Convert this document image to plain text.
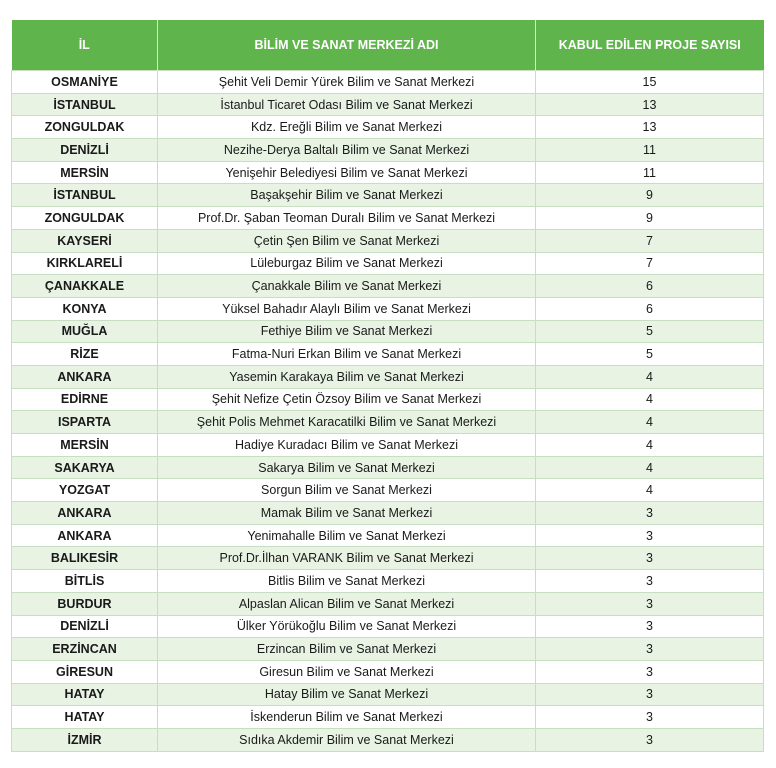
İL	BİLİM VE SANAT MERKEZİ ADI	KABUL EDİLEN PROJE SAYISI
OSMANİYE	Şehit Veli Demir Yürek Bilim ve Sanat Merkezi	15
İSTANBUL	İstanbul Ticaret Odası Bilim ve Sanat Merkezi	13
ZONGULDAK	Kdz. Ereğli Bilim ve Sanat Merkezi	13
DENİZLİ	Nezihe-Derya Baltalı Bilim ve Sanat Merkezi	11
MERSİN	Yenişehir Belediyesi Bilim ve Sanat Merkezi	11
İSTANBUL	Başakşehir Bilim ve Sanat Merkezi	9
ZONGULDAK	Prof.Dr. Şaban Teoman Duralı Bilim ve Sanat Merkezi	9
KAYSERİ	Çetin Şen Bilim ve Sanat Merkezi	7
KIRKLARELİ	Lüleburgaz Bilim ve Sanat Merkezi	7
ÇANAKKALE	Çanakkale Bilim ve Sanat Merkezi	6
KONYA	Yüksel Bahadır Alaylı Bilim ve Sanat Merkezi	6
MUĞLA	Fethiye Bilim ve Sanat Merkezi	5
RİZE	Fatma-Nuri Erkan Bilim ve Sanat Merkezi	5
ANKARA	Yasemin Karakaya Bilim ve Sanat Merkezi	4
EDİRNE	Şehit Nefize Çetin Özsoy Bilim ve Sanat Merkezi	4
ISPARTA	Şehit Polis Mehmet Karacatilki Bilim ve Sanat Merkezi	4
MERSİN	Hadiye Kuradacı Bilim ve Sanat Merkezi	4
SAKARYA	Sakarya Bilim ve Sanat Merkezi	4
YOZGAT	Sorgun Bilim ve Sanat Merkezi	4
ANKARA	Mamak Bilim ve Sanat Merkezi	3
ANKARA	Yenimahalle Bilim ve Sanat Merkezi	3
BALIKESİR	Prof.Dr.İlhan VARANK Bilim ve Sanat Merkezi	3
BİTLİS	Bitlis Bilim ve Sanat Merkezi	3
BURDUR	Alpaslan Alican Bilim ve Sanat Merkezi	3
DENİZLİ	Ülker Yörükoğlu Bilim ve Sanat Merkezi	3
ERZİNCAN	Erzincan Bilim ve Sanat Merkezi	3
GİRESUN	Giresun Bilim ve Sanat Merkezi	3
HATAY	Hatay Bilim ve Sanat Merkezi	3
HATAY	İskenderun Bilim ve Sanat Merkezi	3
İZMİR	Sıdıka Akdemir Bilim ve Sanat Merkezi	3
